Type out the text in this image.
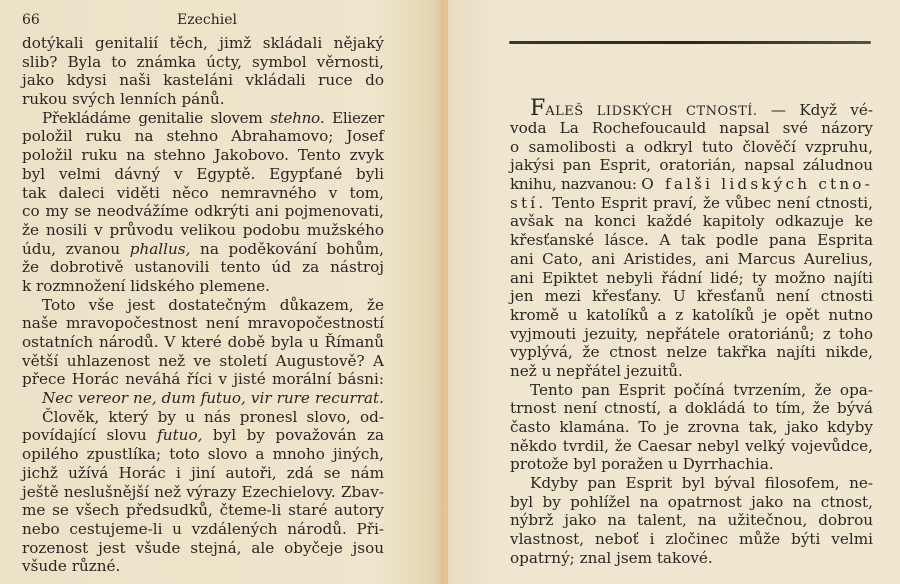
66	Ezechiel
dotýkali genitalií těch, jimž skládali nějaký
slib? Byla to známka úcty, symbol věrnosti,
jako kdysi naši kasteláni vkládali ruce do
rukou svých lenních pánů.
Překládáme genitalie slovem stehno. Eliezer
položil ruku na stehno Abrahamovo; Josef
položil ruku na stehno Jakobovo. Tento zvyk
byl velmi dávný v Egyptě. Egypťané byli
tak daleci viděti něco nemravného v tom,
co my se neodvážíme odkrýti ani pojmenovati,
že nosili v průvodu velikou podobu mužského
údu, zvanou phallus, na poděkování bohům,
že dobrotivě ustanovili tento úd za nástroj
k rozmnožení lidského plemene.
Toto vše jest dostatečným důkazem, že
naše mravopočestnost není mravopočestností
ostatních národů. V které době byla u Římanů
větší uhlazenost než ve století Augustově? A
přece Horác neváhá říci v jisté morální básni:
Nec vereor ne, dum futuo, vir rure recurrat.
Člověk, který by u nás pronesl slovo, od-
povídající slovu futuo, byl by považován za
opilého zpustlíka; toto slovo a mnoho jiných,
jichž užívá Horác i jiní autoři, zdá se nám
ještě neslušnější než výrazy Ezechielovy. Zbav-
me se všech předsudků, čteme-li staré autory
nebo cestujeme-li u vzdálených národů. Při-
rozenost jest všude stejná, ale obyčeje jsou
všude různé.
FALEŠ LIDSKÝCH CTNOSTÍ. — Když vé-
voda La Rochefoucauld napsal své názory
o samolibosti a odkryl tuto člověčí vzpruhu,
jakýsi pan Esprit, oratorián, napsal záludnou
knihu, nazvanou: O falši lidských ctno-
stí. Tento Esprit praví, že vůbec není ctnosti,
avšak na konci každé kapitoly odkazuje ke
křesťanské lásce. A tak podle pana Esprita
ani Cato, ani Aristides, ani Marcus Aurelius,
ani Epiktet nebyli řádní lidé; ty možno najíti
jen mezi křesťany. U křesťanů není ctnosti
kromě u katolíků a z katolíků je opět nutno
vyjmouti jezuity, nepřátele oratoriánů; z toho
vyplývá, že ctnost nelze takřka najíti nikde,
než u nepřátel jezuitů.
Tento pan Esprit počíná tvrzením, že opa-
trnost není ctností, a dokládá to tím, že bývá
často klamána. To je zrovna tak, jako kdyby
někdo tvrdil, že Caesar nebyl velký vojevůdce,
protože byl poražen u Dyrrhachia.
Kdyby pan Esprit byl býval filosofem, ne-
byl by pohlížel na opatrnost jako na ctnost,
nýbrž jako na talent, na užitečnou, dobrou
vlastnost, neboť i zločinec může býti velmi
opatrný; znal jsem takové.
